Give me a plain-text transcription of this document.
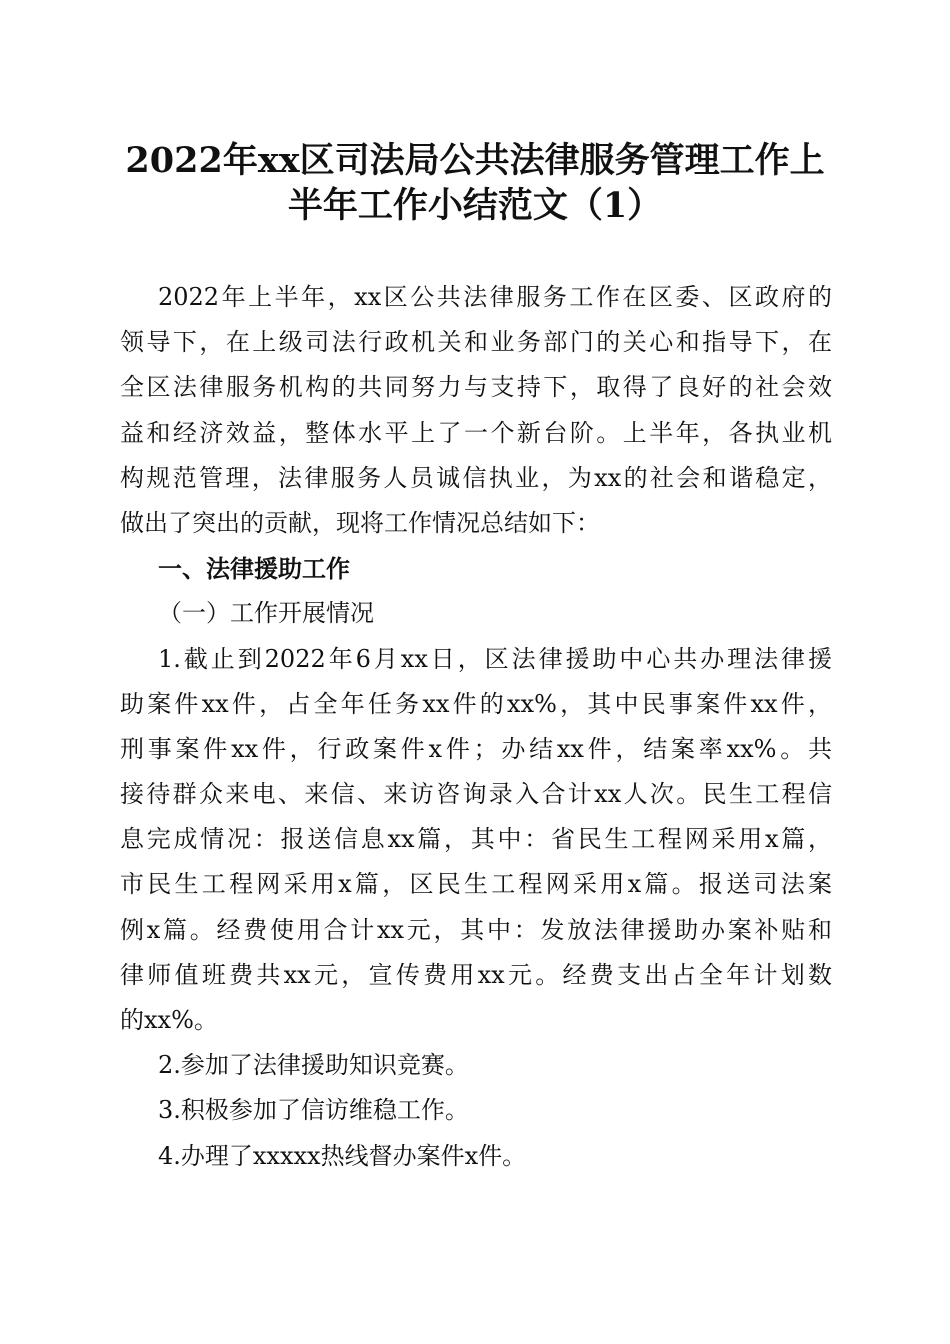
2022年xx区司法局公共法律服务管理工作上
半年工作小结范文（1）
2022年上半年，xx区公共法律服务工作在区委、区政府的
领导下，在上级司法行政机关和业务部门的关心和指导下，在
全区法律服务机构的共同努力与支持下，取得了良好的社会效
益和经济效益，整体水平上了一个新台阶。上半年，各执业机
构规范管理，法律服务人员诚信执业，为xx的社会和谐稳定，
做出了突出的贡献，现将工作情况总结如下：
一、法律援助工作
（一）工作开展情况
1.截止到2022年6月xx日，区法律援助中心共办理法律援
助案件xx件，占全年任务xx件的xx%，其中民事案件xx件，
刑事案件xx件，行政案件x件；办结xx件，结案率xx%。共
接待群众来电、来信、来访咨询录入合计xx人次。民生工程信
息完成情况：报送信息xx篇，其中：省民生工程网采用x篇，
市民生工程网采用x篇，区民生工程网采用x篇。报送司法案
例x篇。经费使用合计xx元，其中：发放法律援助办案补贴和
律师值班费共xx元，宣传费用xx元。经费支出占全年计划数
的xx%。
2.参加了法律援助知识竞赛。
3.积极参加了信访维稳工作。
4.办理了xxxxx热线督办案件x件。
